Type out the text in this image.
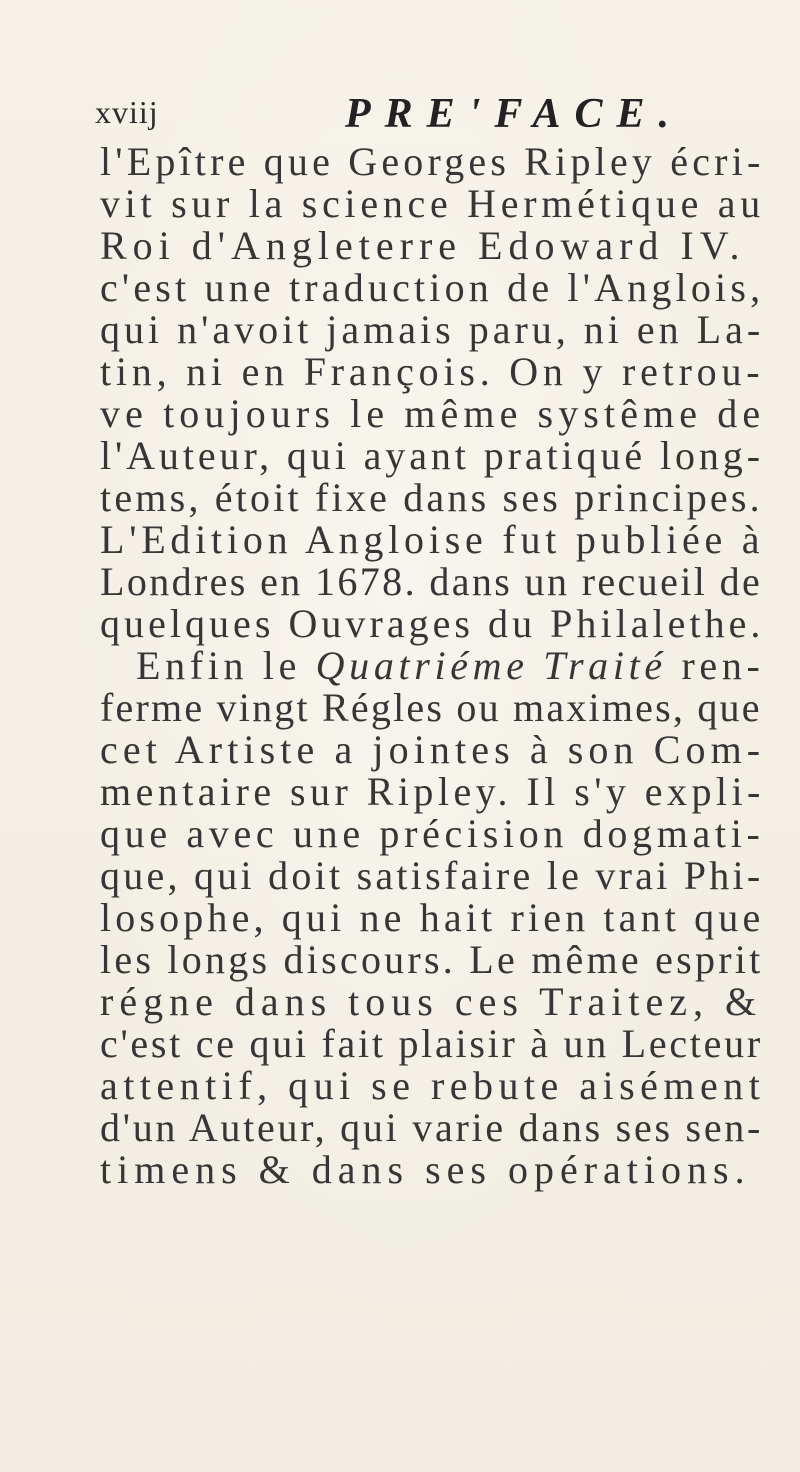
xviij	PRE'FACE.
l'Epître que Georges Ripley écri-
vit sur la science Hermétique au
Roi d'Angleterre Edoward IV.
c'est une traduction de l'Anglois,
qui n'avoit jamais paru, ni en La-
tin, ni en François. On y retrou-
ve toujours le même systême de
l'Auteur, qui ayant pratiqué long-
tems, étoit fixe dans ses principes.
L'Edition Angloise fut publiée à
Londres en 1678. dans un recueil de
quelques Ouvrages du Philalethe.
Enfin le Quatriéme Traité ren-
ferme vingt Régles ou maximes, que
cet Artiste a jointes à son Com-
mentaire sur Ripley. Il s'y expli-
que avec une précision dogmati-
que, qui doit satisfaire le vrai Phi-
losophe, qui ne hait rien tant que
les longs discours. Le même esprit
régne dans tous ces Traitez, &
c'est ce qui fait plaisir à un Lecteur
attentif, qui se rebute aisément
d'un Auteur, qui varie dans ses sen-
timens & dans ses opérations.
